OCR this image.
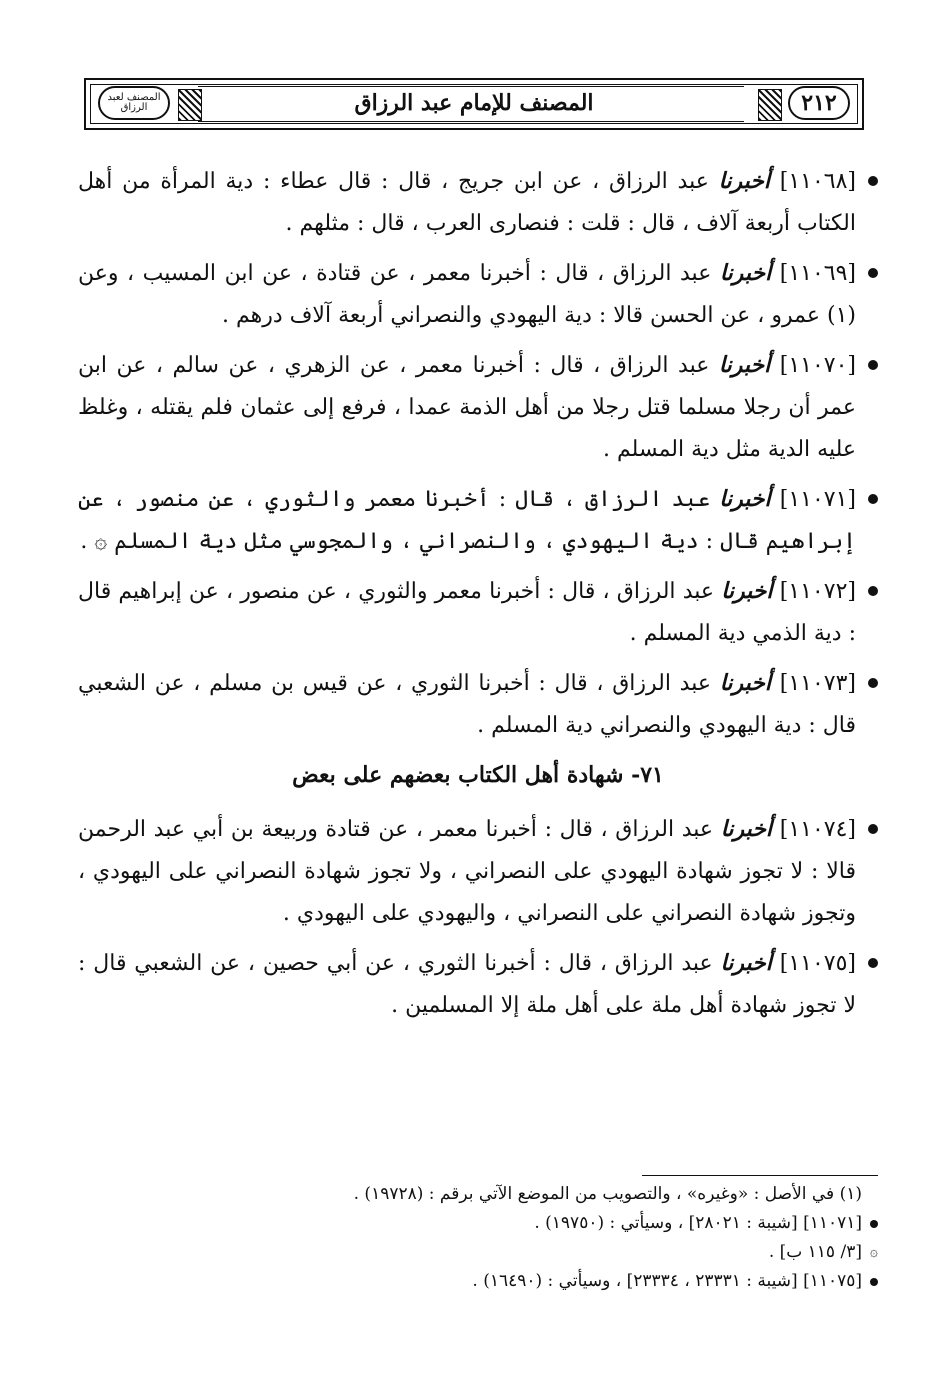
المصنف لعبد الرزاق	المصنف للإمام عبد الرزاق	٢١٢
[١١٠٦٨] أخبرنا عبد الرزاق ، عن ابن جريج ، قال : قال عطاء : دية المرأة من أهل الكتاب أربعة آلاف ، قال : قلت : فنصارى العرب ، قال : مثلهم .
[١١٠٦٩] أخبرنا عبد الرزاق ، قال : أخبرنا معمر ، عن قتادة ، عن ابن المسيب ، وعن (١) عمرو ، عن الحسن قالا : دية اليهودي والنصراني أربعة آلاف درهم .
[١١٠٧٠] أخبرنا عبد الرزاق ، قال : أخبرنا معمر ، عن الزهري ، عن سالم ، عن ابن عمر أن رجلا مسلما قتل رجلا من أهل الذمة عمدا ، فرفع إلى عثمان فلم يقتله ، وغلظ عليه الدية مثل دية المسلم .
[١١٠٧١] أخبرنا عبد الرزاق ، قال : أخبرنا معمر والثوري ، عن منصور ، عن إبراهيم قال : دية اليهودي ، والنصراني ، والمجوسي مثل دية المسلم ۞ .
[١١٠٧٢] أخبرنا عبد الرزاق ، قال : أخبرنا معمر والثوري ، عن منصور ، عن إبراهيم قال : دية الذمي دية المسلم .
[١١٠٧٣] أخبرنا عبد الرزاق ، قال : أخبرنا الثوري ، عن قيس بن مسلم ، عن الشعبي قال : دية اليهودي والنصراني دية المسلم .
٧١- شهادة أهل الكتاب بعضهم على بعض
[١١٠٧٤] أخبرنا عبد الرزاق ، قال : أخبرنا معمر ، عن قتادة وربيعة بن أبي عبد الرحمن قالا : لا تجوز شهادة اليهودي على النصراني ، ولا تجوز شهادة النصراني على اليهودي ، وتجوز شهادة النصراني على النصراني ، واليهودي على اليهودي .
[١١٠٧٥] أخبرنا عبد الرزاق ، قال : أخبرنا الثوري ، عن أبي حصين ، عن الشعبي قال : لا تجوز شهادة أهل ملة على أهل ملة إلا المسلمين .
(١) في الأصل : «وغيره» ، والتصويب من الموضع الآتي برقم : (١٩٧٢٨) .
[١١٠٧١] [شيبة : ٢٨٠٢١] ، وسيأتي : (١٩٧٥٠) .
۞
[٣/ ١١٥ ب] .
[١١٠٧٥] [شيبة : ٢٣٣٣١ ، ٢٣٣٣٤] ، وسيأتي : (١٦٤٩٠) .
